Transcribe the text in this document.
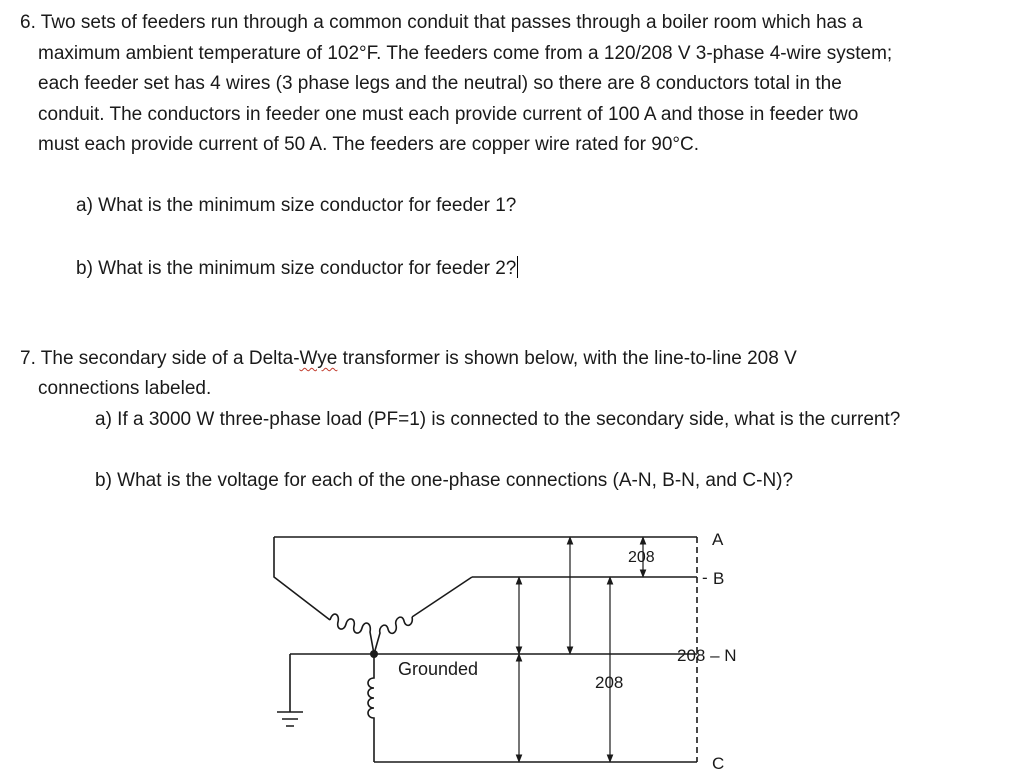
6. Two sets of feeders run through a common conduit that passes through a boiler room which has a
maximum ambient temperature of 102°F. The feeders come from a 120/208 V 3-phase 4-wire system;
each feeder set has 4 wires (3 phase legs and the neutral) so there are 8 conductors total in the
conduit. The conductors in feeder one must each provide current of 100 A and those in feeder two
must each provide current of 50 A. The feeders are copper wire rated for 90°C.
a) What is the minimum size conductor for feeder 1?
b) What is the minimum size conductor for feeder 2?
7. The secondary side of a Delta-Wye transformer is shown below, with the line-to-line 208 V
connections labeled.
a) If a 3000 W three-phase load (PF=1) is connected to the secondary side, what is the current?
b) What is the voltage for each of the one-phase connections (A-N, B-N, and C-N)?
A
- B
208
208 – N
Grounded
208
C
